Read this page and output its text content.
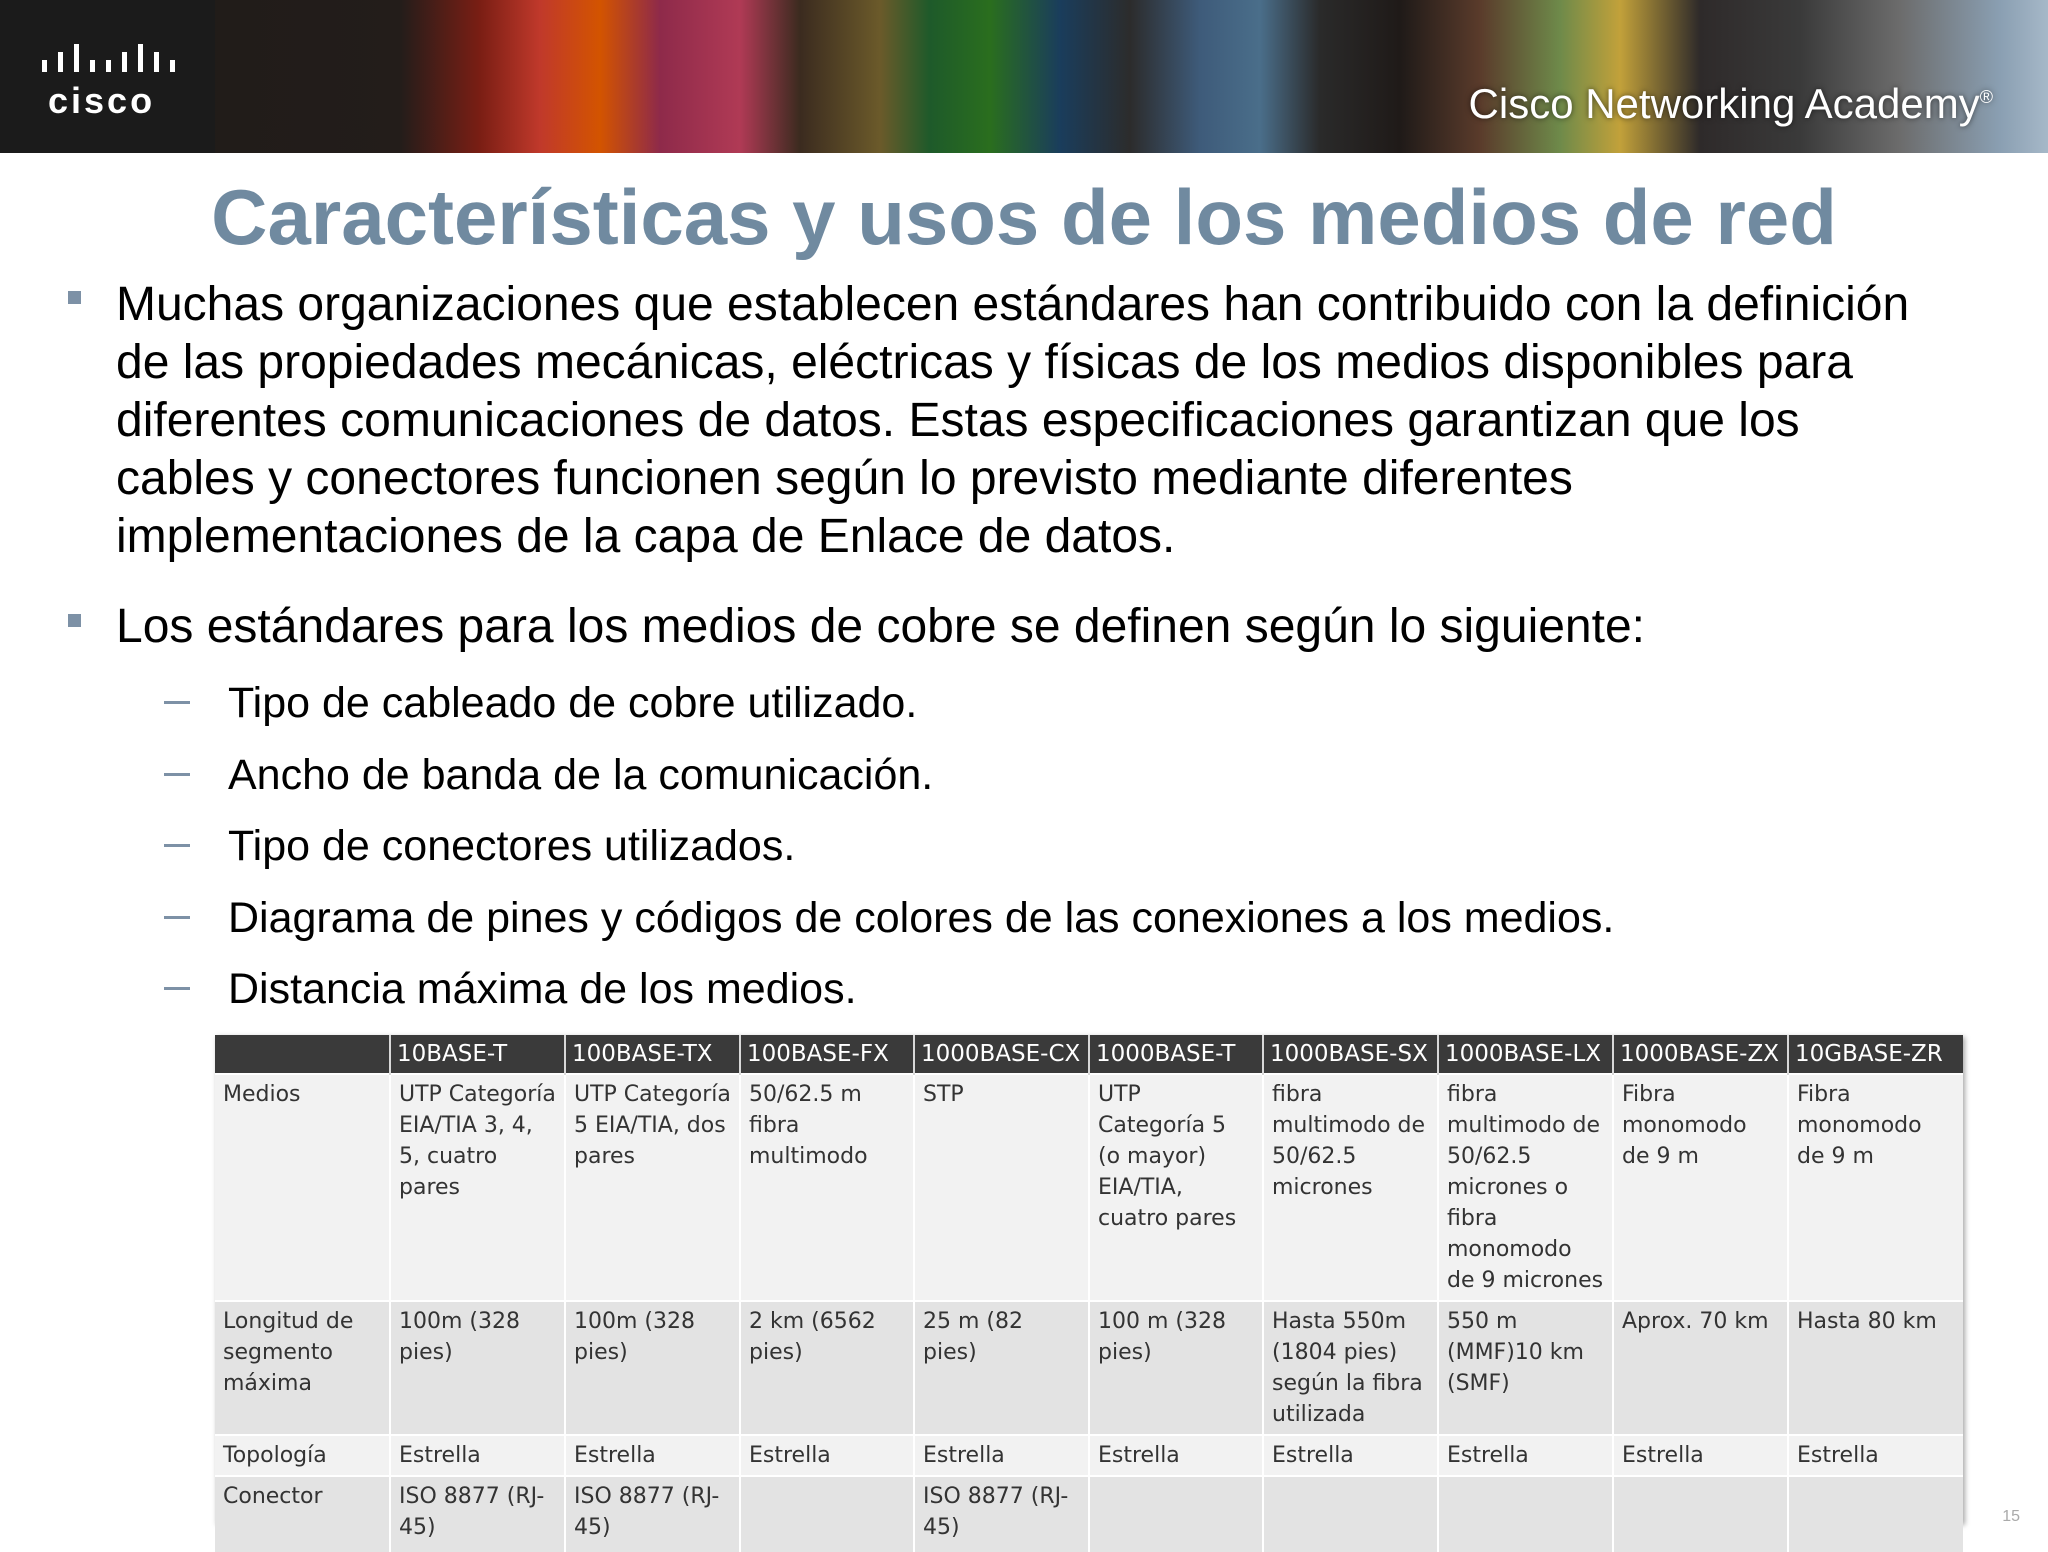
cisco	Cisco Networking Academy®
Características y usos de los medios de red
Muchas organizaciones que establecen estándares han contribuido con la definición
de las propiedades mecánicas, eléctricas y físicas de los medios disponibles para
diferentes comunicaciones de datos. Estas especificaciones garantizan que los
cables y conectores funcionen según lo previsto mediante diferentes
implementaciones de la capa de Enlace de datos.
Los estándares para los medios de cobre se definen según lo siguiente:
Tipo de cableado de cobre utilizado.
Ancho de banda de la comunicación.
Tipo de conectores utilizados.
Diagrama de pines y códigos de colores de las conexiones a los medios.
Distancia máxima de los medios.
	10BASE-T	100BASE-TX	100BASE-FX	1000BASE-CX	1000BASE-T	1000BASE-SX	1000BASE-LX	1000BASE-ZX	10GBASE-ZR
Medios	UTP Categoría EIA/TIA 3, 4, 5, cuatro pares	UTP Categoría 5 EIA/TIA, dos pares	50/62.5 m fibra multimodo	STP	UTP Categoría 5 (o mayor) EIA/TIA, cuatro pares	fibra multimodo de 50/62.5 micrones	fibra multimodo de 50/62.5 micrones o fibra monomodo de 9 micrones	Fibra monomodo de 9 m	Fibra monomodo de 9 m
Longitud de segmento máxima	100m (328 pies)	100m (328 pies)	2 km (6562 pies)	25 m (82 pies)	100 m (328 pies)	Hasta 550m (1804 pies) según la fibra utilizada	550 m (MMF)10 km (SMF)	Aprox. 70 km	Hasta 80 km
Topología	Estrella	Estrella	Estrella	Estrella	Estrella	Estrella	Estrella	Estrella	Estrella
Conector	ISO 8877 (RJ-45)	ISO 8877 (RJ-45)		ISO 8877 (RJ-45)						15
